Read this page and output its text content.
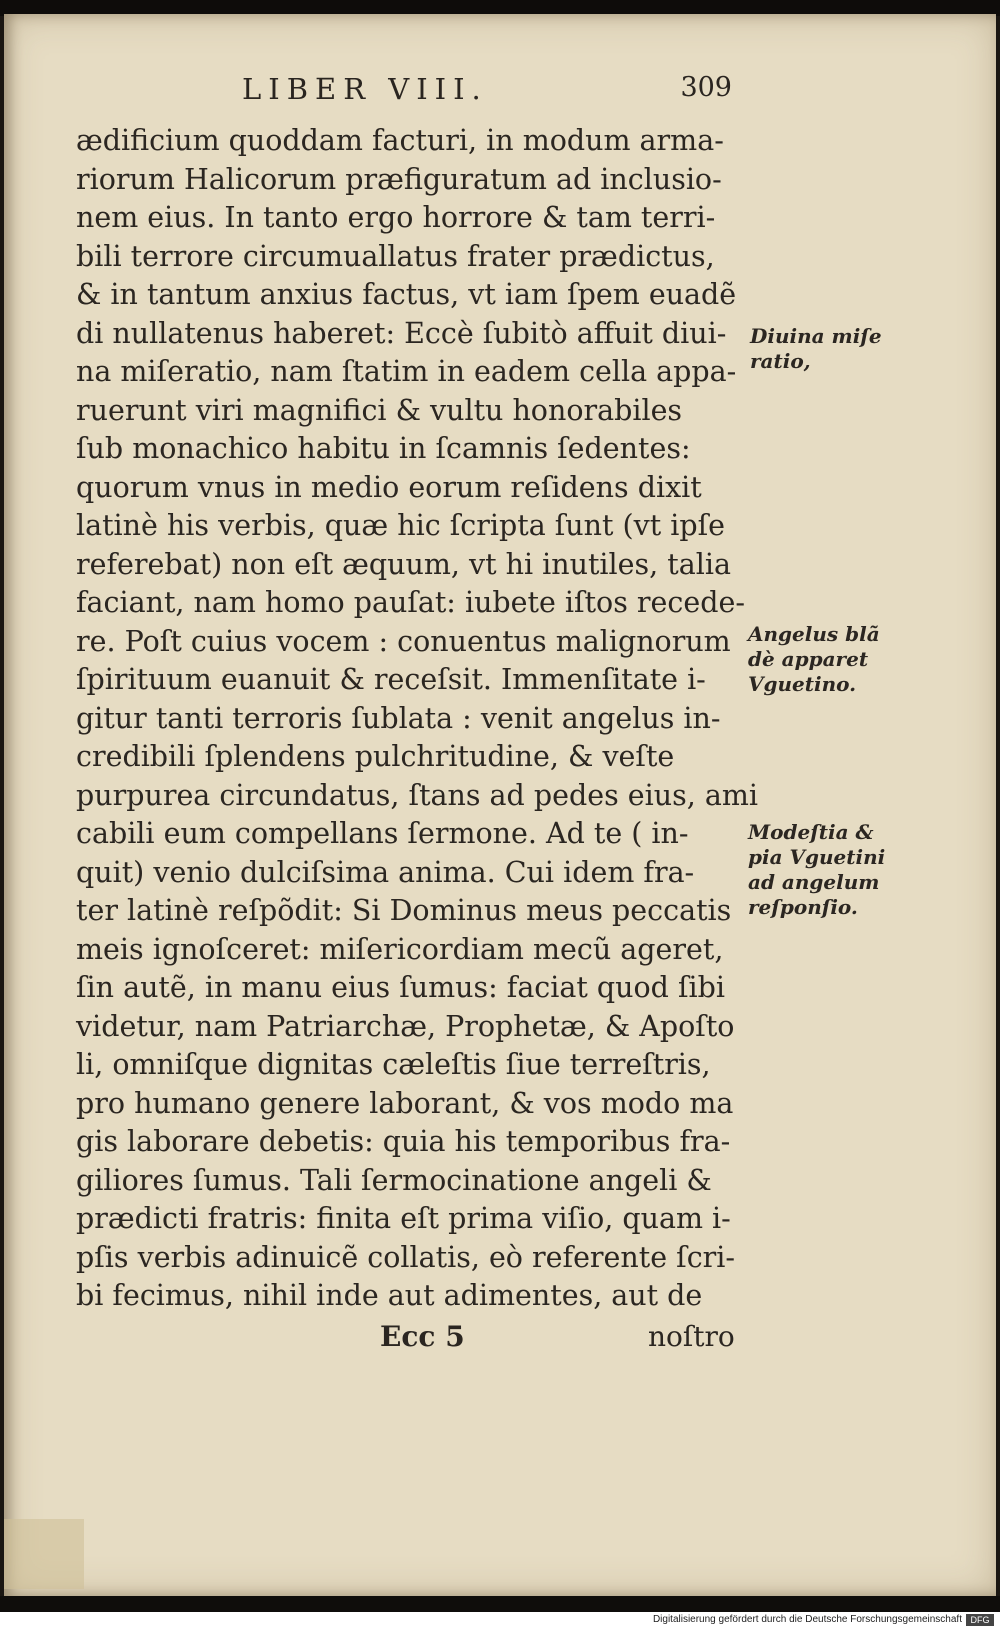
LIBER VIII.	309
ædificium quoddam facturi, in modum arma-
riorum Halicorum præfiguratum ad inclusio-
nem eius. In tanto ergo horrore & tam terri-
bili terrore circumuallatus frater prædictus,
& in tantum anxius factus, vt iam ſpem euadẽ
di nullatenus haberet: Eccè ſubitò affuit diui-
na miſeratio, nam ſtatim in eadem cella appa-
ruerunt viri magnifici & vultu honorabiles
ſub monachico habitu in ſcamnis ſedentes:
quorum vnus in medio eorum reſidens dixit
latinè his verbis, quæ hic ſcripta ſunt (vt ipſe
referebat) non eſt æquum, vt hi inutiles, talia
faciant, nam homo pauſat: iubete iſtos recede-
re. Poſt cuius vocem : conuentus malignorum
ſpirituum euanuit & receſsit. Immenſitate i-
gitur tanti terroris ſublata : venit angelus in-
credibili ſplendens pulchritudine, & veſte
purpurea circundatus, ſtans ad pedes eius, ami
cabili eum compellans ſermone. Ad te ( in-
quit) venio dulciſsima anima. Cui idem fra-
ter latinè reſpõdit: Si Dominus meus peccatis
meis ignoſceret: miſericordiam mecũ ageret,
ſin autẽ, in manu eius ſumus: faciat quod ſibi
videtur, nam Patriarchæ, Prophetæ, & Apoſto
li, omniſque dignitas cæleſtis ſiue terreſtris,
pro humano genere laborant, & vos modo ma
gis laborare debetis: quia his temporibus fra-
giliores ſumus. Tali ſermocinatione angeli &
prædicti fratris: finita eſt prima viſio, quam i-
pſis verbis adinuicẽ collatis, eò referente ſcri-
bi fecimus, nihil inde aut adimentes, aut de
Diuina miſe
ratio,
Angelus blã
dè apparet
Vguetino.
Modeſtia &
pia Vguetini
ad angelum
reſponſio.
Ecc 5	noſtro
Digitalisierung gefördert durch die Deutsche Forschungsgemeinschaft DFG
